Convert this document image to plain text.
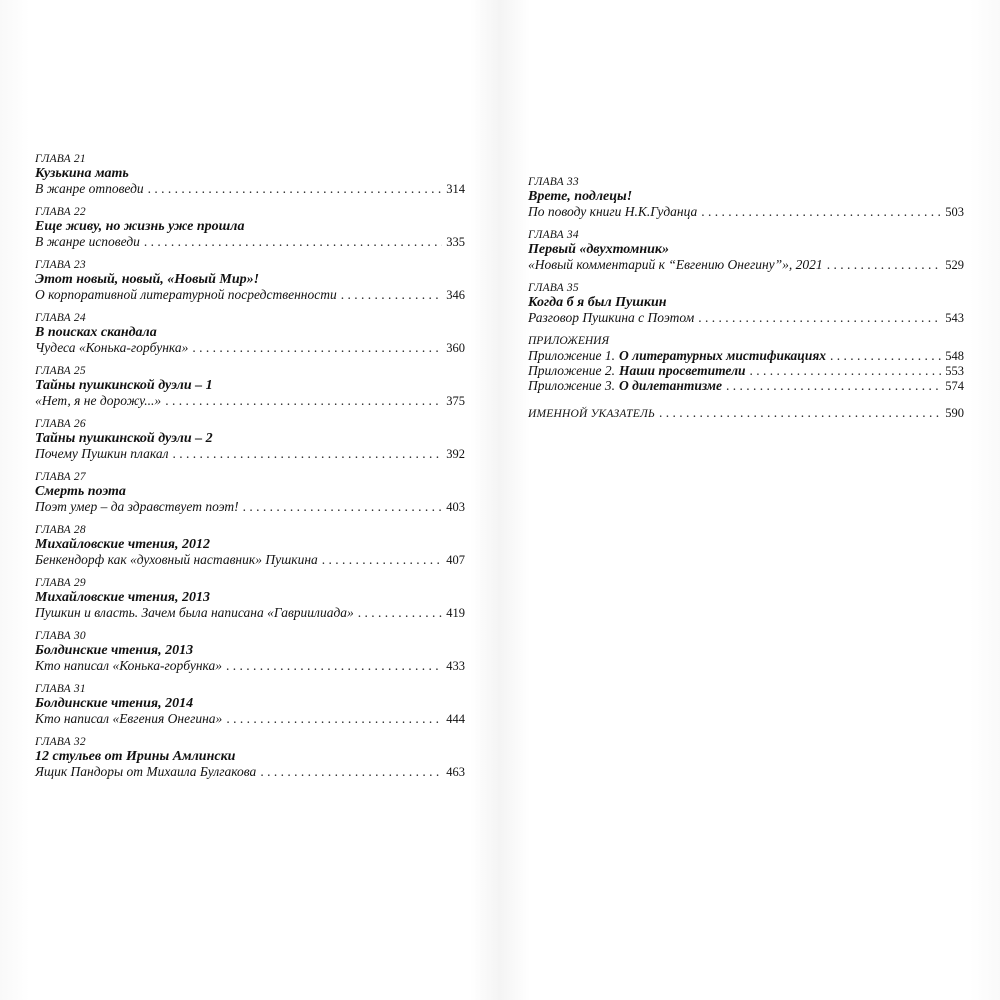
ГЛАВА 21
Кузькина мать
В жанре отповеди . . .	314
ГЛАВА 22
Еще живу, но жизнь уже прошла
В жанре исповеди . . .	335
ГЛАВА 23
Этот новый, новый, «Новый Мир»!
О корпоративной литературной посредственности . . .	346
ГЛАВА 24
В поисках скандала
Чудеса «Конька-горбунка» . . .	360
ГЛАВА 25
Тайны пушкинской дуэли – 1
«Нет, я не дорожу...» . . .	375
ГЛАВА 26
Тайны пушкинской дуэли – 2
Почему Пушкин плакал . . .	392
ГЛАВА 27
Смерть поэта
Поэт умер – да здравствует поэт! . . .	403
ГЛАВА 28
Михайловские чтения, 2012
Бенкендорф как «духовный наставник» Пушкина . . .	407
ГЛАВА 29
Михайловские чтения, 2013
Пушкин и власть. Зачем была написана «Гавриилиада» . . .	419
ГЛАВА 30
Болдинские чтения, 2013
Кто написал «Конька-горбунка» . . .	433
ГЛАВА 31
Болдинские чтения, 2014
Кто написал «Евгения Онегина» . . .	444
ГЛАВА 32
12 стульев от Ирины Амлински
Ящик Пандоры от Михаила Булгакова . . .	463
ГЛАВА 33
Врете, подлецы!
По поводу книги Н.К.Гуданца . . .	503
ГЛАВА 34
Первый «двухтомник»
«Новый комментарий к “Евгению Онегину”», 2021 . . .	529
ГЛАВА 35
Когда б я был Пушкин
Разговор Пушкина с Поэтом . . .	543
ПРИЛОЖЕНИЯ
Приложение 1. О литературных мистификациях . . .	548
Приложение 2. Наши просветители . . .	553
Приложение 3. О дилетантизме . . .	574
ИМЕННОЙ УКАЗАТЕЛЬ . . .	590
